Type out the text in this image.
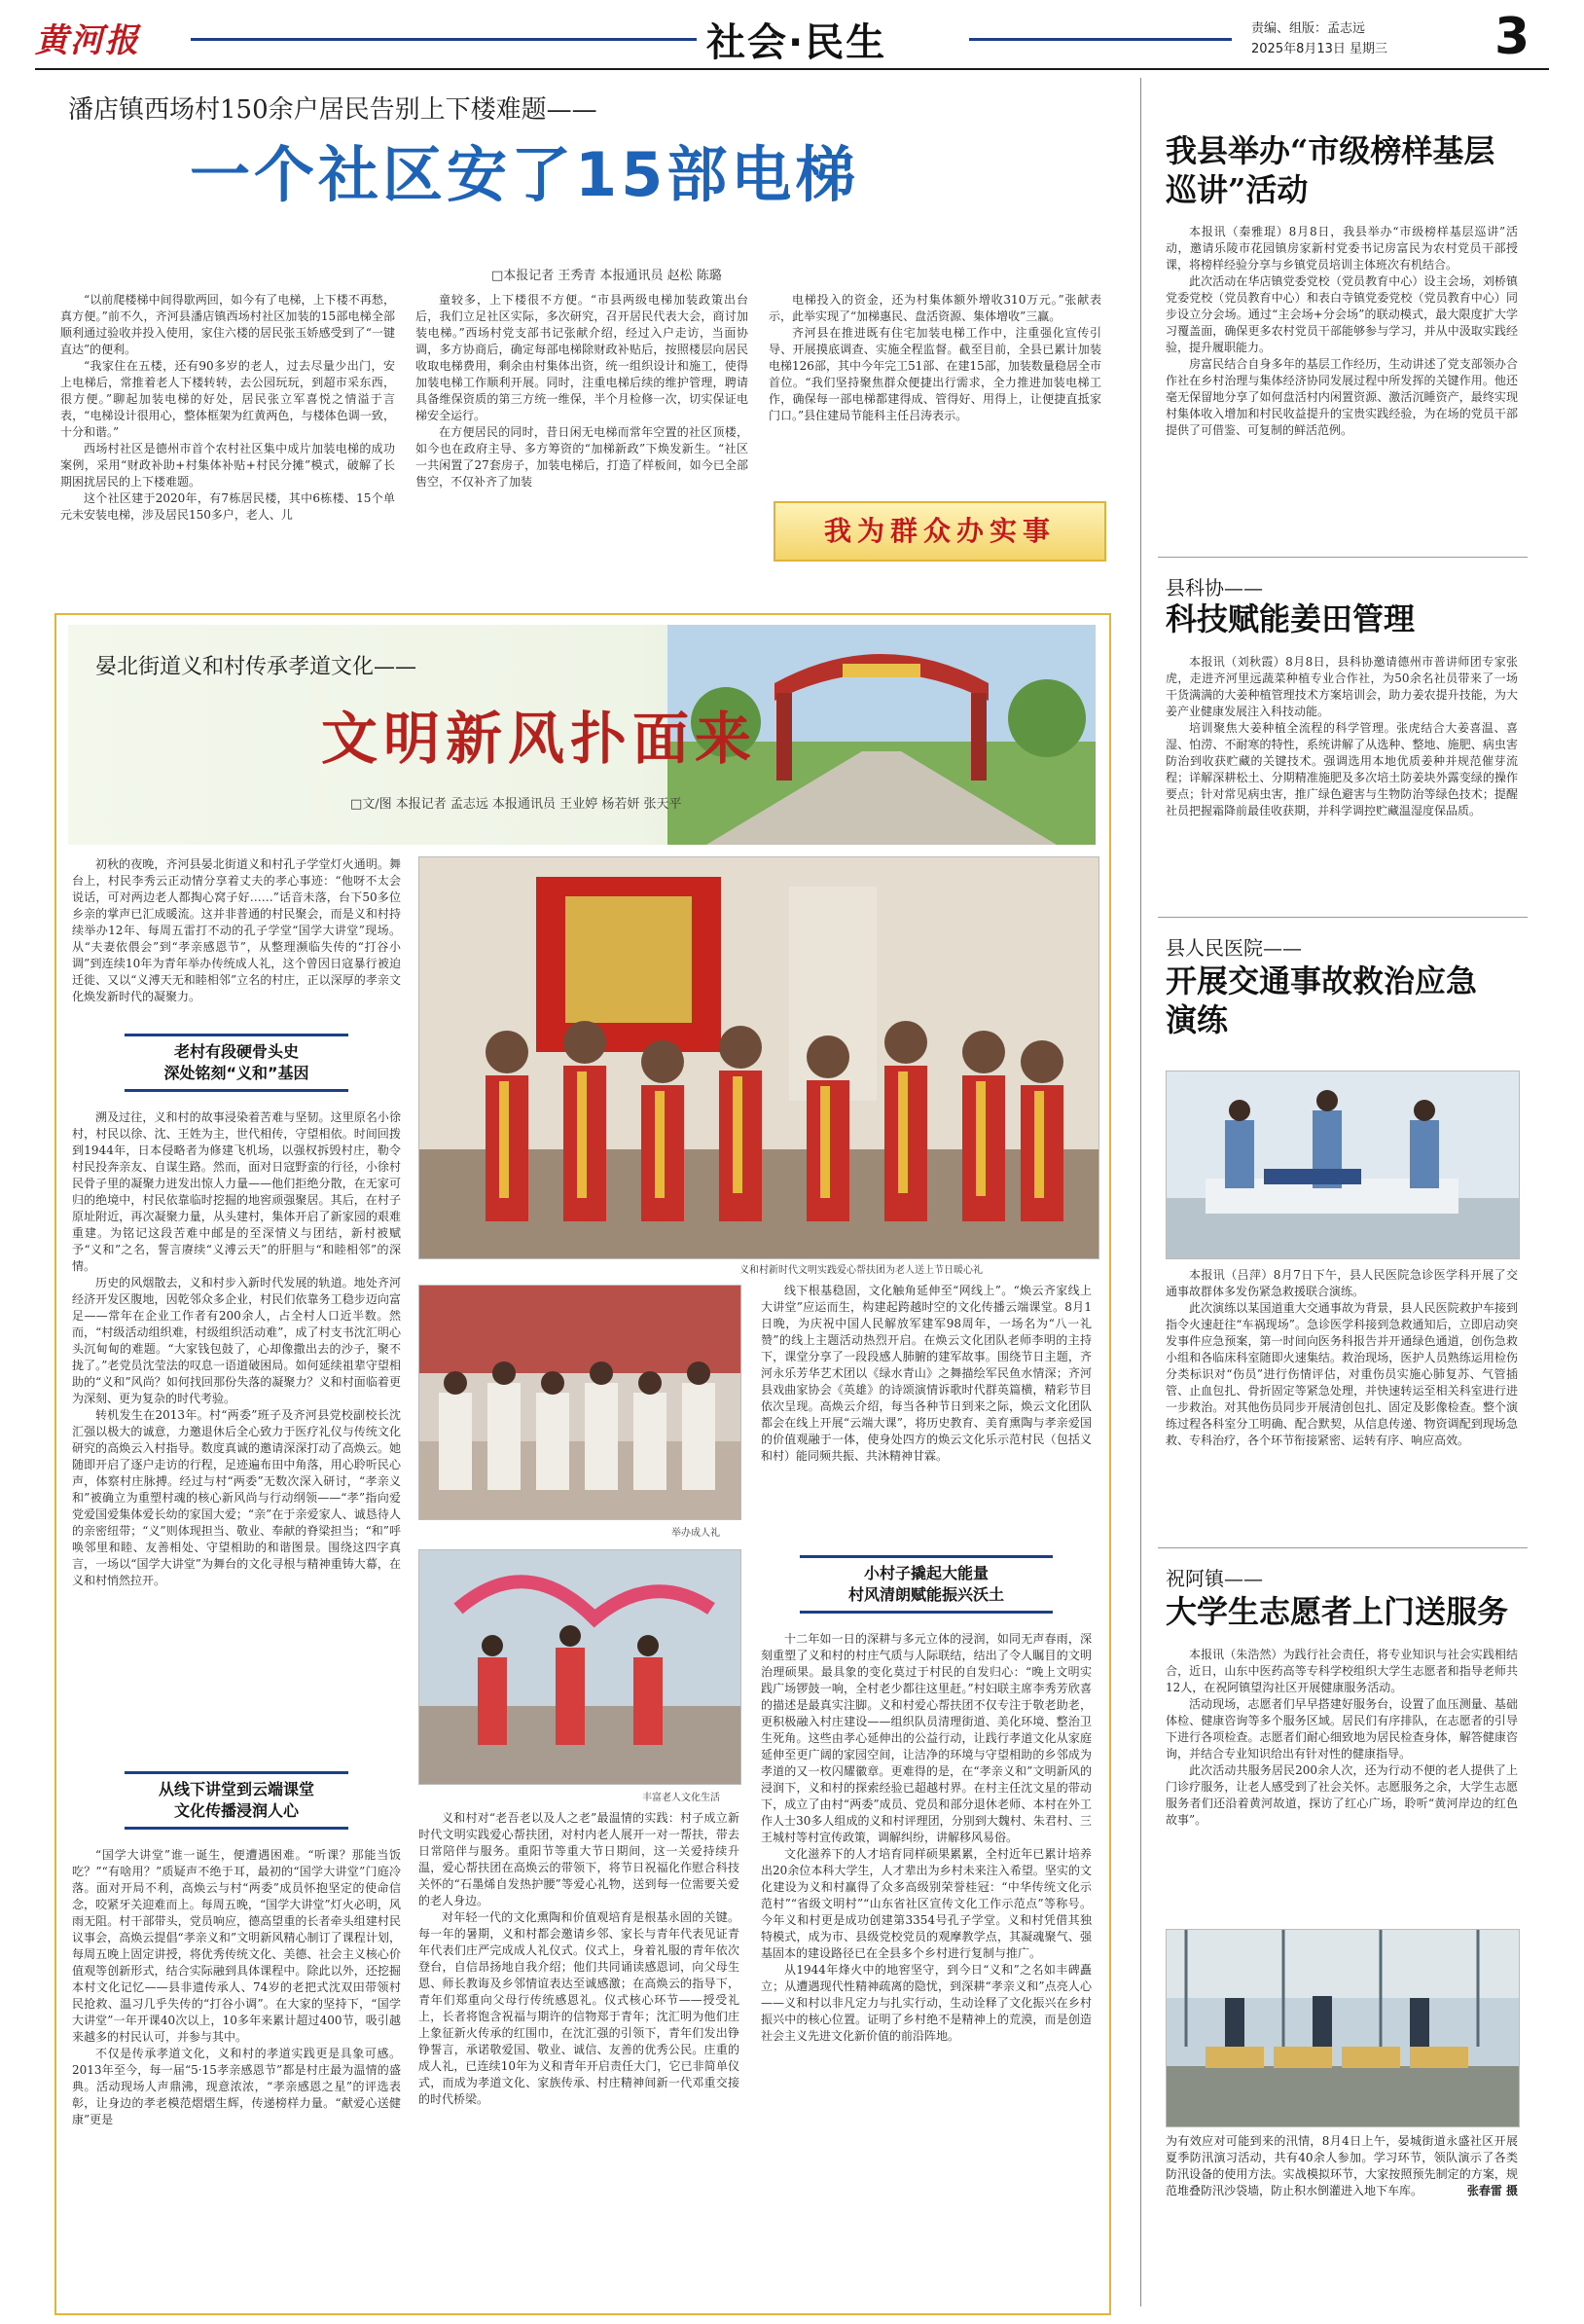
黄河报	社会·民生	责编、组版：孟志远
2025年8月13日 星期三 3
潘店镇西场村150余户居民告别上下楼难题——
一个社区安了15部电梯
□本报记者 王秀青 本报通讯员 赵松 陈璐

“以前爬楼梯中间得歇两回，如今有了电梯，上下楼不再愁，真方便。”前不久，齐河县潘店镇西场村社区加装的15部电梯全部顺利通过验收并投入使用，家住六楼的居民张玉娇感受到了“一键直达”的便利。

“我家住在五楼，还有90多岁的老人，过去尽量少出门，安上电梯后，常推着老人下楼转转，去公园玩玩，到超市采东西，很方便。”聊起加装电梯的好处，居民张立军喜悦之情溢于言表，“电梯设计很用心，整体框架为红黄两色，与楼体色调一致，十分和谐。”

西场村社区是德州市首个农村社区集中成片加装电梯的成功案例，采用“财政补助+村集体补贴+村民分摊”模式，破解了长期困扰居民的上下楼难题。

这个社区建于2020年，有7栋居民楼，其中6栋楼、15个单元未安装电梯，涉及居民150多户，老人、儿

童较多，上下楼很不方便。“市县两级电梯加装政策出台后，我们立足社区实际，多次研究，召开居民代表大会，商讨加装电梯。”西场村党支部书记张献介绍，经过入户走访，当面协调，多方协商后，确定每部电梯除财政补贴后，按照楼层向居民收取电梯费用，剩余由村集体出资，统一组织设计和施工，使得加装电梯工作顺利开展。同时，注重电梯后续的维护管理，聘请具备维保资质的第三方统一维保，半个月检修一次，切实保证电梯安全运行。

在方便居民的同时，昔日闲无电梯而常年空置的社区顶楼，如今也在政府主导、多方筹资的“加梯新政”下焕发新生。“社区一共闲置了27套房子，加装电梯后，打造了样板间，如今已全部售空，不仅补齐了加装

电梯投入的资金，还为村集体额外增收310万元。”张献表示，此举实现了“加梯惠民、盘活资源、集体增收”三赢。

齐河县在推进既有住宅加装电梯工作中，注重强化宣传引导、开展摸底调查、实施全程监督。截至目前，全县已累计加装电梯126部，其中今年完工51部、在建15部，加装数量稳居全市首位。“我们坚持聚焦群众便捷出行需求，全力推进加装电梯工作，确保每一部电梯都建得成、管得好、用得上，让便捷直抵家门口。”县住建局节能科主任吕涛表示。

我为群众办实事
晏北街道义和村传承孝道文化——
文明新风扑面来
□文/图 本报记者 孟志远 本报通讯员 王业婷 杨若妍 张天平

初秋的夜晚，齐河县晏北街道义和村孔子学堂灯火通明。舞台上，村民李秀云正动情分享着丈夫的孝心事迹：“他呀不太会说话，可对两边老人都掏心窝子好……”话音未落，台下50多位乡亲的掌声已汇成暖流。这并非普通的村民聚会，而是义和村持续举办12年、每周五雷打不动的孔子学堂“国学大讲堂”现场。从“夫妻依偎会”到“孝亲感恩节”，从整理濒临失传的“打谷小调”到连续10年为青年举办传统成人礼，这个曾因日寇暴行被迫迁徙、又以“义溥天无和睦相邻”立名的村庄，正以深厚的孝亲文化焕发新时代的凝聚力。

老村有段硬骨头史
深处铭刻“义和”基因

溯及过往，义和村的故事浸染着苦难与坚韧。这里原名小徐村，村民以徐、沈、王姓为主，世代相传，守望相依。时间回拨到1944年，日本侵略者为修建飞机场，以强权拆毁村庄，勒令村民投奔亲友、自谋生路。然而，面对日寇野蛮的行径，小徐村民骨子里的凝聚力迸发出惊人力量——他们拒绝分散，在无家可归的绝境中，村民依靠临时挖掘的地窖顽强聚居。其后，在村子原址附近，再次凝聚力量，从头建村，集体开启了新家园的艰难重建。为铭记这段苦难中邮是的至深情义与团结，新村被赋予“义和”之名，誓言赓续“义溥云天”的肝胆与“和睦相邻”的深情。

历史的风烟散去，义和村步入新时代发展的轨道。地处齐河经济开发区腹地，因乾邻众多企业，村民们依靠务工稳步迈向富足——常年在企业工作者有200余人，占全村人口近半数。然而，“村级活动组织难，村级组织活动难”，成了村支书沈汇明心头沉甸甸的难题。“大家钱包鼓了，心却像撒出去的沙子，聚不拢了。”老党员沈莹法的叹息一语道破困局。如何延续祖辈守望相助的“义和”风尚？如何找回那份失落的凝聚力？义和村面临着更为深刻、更为复杂的时代考验。

转机发生在2013年。村“两委”班子及齐河县党校副校长沈汇强以极大的诚意，力邀退休后全心致力于医疗礼仪与传统文化研究的高焕云入村指导。数度真诚的邀请深深打动了高焕云。她随即开启了逐户走访的行程，足迹遍布田中角落，用心聆听民心声，体察村庄脉搏。经过与村“两委”无数次深入研讨，“孝亲义和”被确立为重塑村魂的核心新风尚与行动纲领——“孝”指向爱党爱国爱集体爱长幼的家国大爱；“亲”在于亲爱家人、诚恳待人的亲密纽带；“义”则体现担当、敬业、奉献的脊梁担当；“和”呼唤邻里和睦、友善相处、守望相助的和谐图景。围绕这四字真言，一场以“国学大讲堂”为舞台的文化寻根与精神重铸大幕，在义和村悄然拉开。

从线下讲堂到云端课堂
文化传播浸润人心

“国学大讲堂”谁一诞生，便遭遇困难。“听课？那能当饭吃？”“有啥用？”质疑声不绝于耳，最初的“国学大讲堂”门庭冷落。面对开局不利，高焕云与村“两委”成员怀抱坚定的使命信念，咬紧牙关迎难而上。每周五晚，“国学大讲堂”灯火必明，风雨无阻。村干部带头，党员响应，德高望重的长者牵头组建村民议事会，高焕云提倡“孝亲义和”文明新风精心制订了课程计划，每周五晚上固定讲授，将优秀传统文化、美德、社会主义核心价值观等创新形式，结合实际融到具体课程中。除此以外，还挖掘本村文化记忆——县非遗传承人、74岁的老把式沈双田带领村民抢救、温习几乎失传的“打谷小调”。在大家的坚持下，“国学大讲堂”一年开课40次以上，10多年来累计超过400节，吸引越来越多的村民认可，并参与其中。

不仅是传承孝道文化，义和村的孝道实践更是具象可感。2013年至今，每一届“5·15孝亲感恩节”都是村庄最为温情的盛典。活动现场人声鼎沸，现意浓浓，“孝亲感恩之星”的评选表彰，让身边的孝老模范熠熠生辉，传递榜样力量。“献爱心送健康”更是

义和村新时代文明实践爱心帮扶团为老人送上节日暖心礼
举办成人礼
丰富老人文化生活

义和村对“老吾老以及人之老”最温情的实践：村子成立新时代文明实践爱心帮扶团，对村内老人展开一对一帮扶，带去日常陪伴与服务。重阳节等重大节日期间，这一关爱持续升温，爱心帮扶团在高焕云的带领下，将节日祝福化作慰合科技关怀的“石墨烯自发热护腰”等爱心礼物，送到每一位需要关爱的老人身边。

对年轻一代的文化熏陶和价值观培育是根基永固的关键。每一年的暑期，义和村都会邀请乡邻、家长与青年代表见证青年代表们庄严完成成人礼仪式。仪式上，身着礼服的青年依次登台，自信昂扬地自我介绍；他们共同诵读感恩词，向父母生恩、师长教诲及乡邻情谊表达至诚感激；在高焕云的指导下，青年们郑重向父母行传统感恩礼。仪式核心环节——授受礼上，长者将饱含祝福与期许的信物郑于青年；沈汇明为他们庄上象征新火传承的红围巾，在沈汇强的引领下，青年们发出铮铮誓言，承诺敬爱国、敬业、诚信、友善的优秀公民。庄重的成人礼，已连续10年为义和青年开启责任大门，它已非简单仪式，而成为孝道文化、家族传承、村庄精神间新一代邓重交接的时代桥梁。

线下根基稳固，文化触角延伸至“网线上”。“焕云齐家线上大讲堂”应运而生，构建起跨越时空的文化传播云端课堂。8月1日晚，为庆祝中国人民解放军建军98周年，一场名为“八一礼赞”的线上主题活动热烈开启。在焕云文化团队老师李明的主持下，课堂分享了一段段感人肺腑的建军故事。围绕节日主题，齐河永乐芳华艺术团以《绿水青山》之舞描绘军民鱼水情深；齐河县戏曲家协会《英雄》的诗颂演情诉歌时代群英篇横，精彩节目依次呈现。高焕云介绍，每当各种节日到来之际，焕云文化团队都会在线上开展“云端大课”，将历史教育、美育熏陶与孝亲爱国的价值观融于一体，使身处四方的焕云文化乐示范村民（包括义和村）能同频共振、共沐精神甘霖。

小村子撬起大能量
村风清朗赋能振兴沃土

十二年如一日的深耕与多元立体的浸润，如同无声春雨，深刻重塑了义和村的村庄气质与人际联结，结出了令人瞩目的文明治理硕果。最具象的变化莫过于村民的自发归心：“晚上文明实践广场锣鼓一响，全村老少都往这里赶。”村妇联主席李秀芳欣喜的描述是最真实注脚。义和村爱心帮扶团不仅专注于敬老助老，更积极融入村庄建设——组织队员清理街道、美化环境、整治卫生死角。这些由孝心延伸出的公益行动，让践行孝道文化从家庭延伸至更广阔的家园空间，让洁净的环境与守望相助的乡邻成为孝道的又一枚闪耀徽章。更难得的是，在“孝亲义和”文明新风的浸润下，义和村的探索经验已超越村界。在村主任沈文星的带动下，成立了由村“两委”成员、党员和部分退休老师、本村在外工作人士30多人组成的义和村评理团，分别到大魏村、朱君村、三王城村等村宣传政策，调解纠纷，讲解移风易俗。

文化滋养下的人才培育同样硕果累累，全村近年已累计培养出20余位本科大学生，人才辈出为乡村未来注入希望。坚实的文化建设为义和村赢得了众多高级别荣誉桂冠：“中华传统文化示范村”“省级文明村”“山东省社区宣传文化工作示范点”等称号。今年义和村更是成功创建第3354号孔子学堂。义和村凭借其独特模式，成为市、县级党校党员的观摩教学点，其凝魂聚气、强基固本的建设路径已在全县多个乡村进行复制与推广。

从1944年烽火中的地窖坚守，到今日“义和”之名如丰碑矗立；从遭遇现代性精神疏离的隐忧，到深耕“孝亲义和”点亮人心——义和村以非凡定力与扎实行动，生动诠释了文化振兴在乡村振兴中的核心位置。证明了乡村绝不是精神上的荒漠，而是创造社会主义先进文化新价值的前沿阵地。

我县举办“市级榜样基层巡讲”活动

本报讯（秦雅琨）8月8日，我县举办“市级榜样基层巡讲”活动，邀请乐陵市花园镇房家新村党委书记房富民为农村党员干部授课，将榜样经验分享与乡镇党员培训主体班次有机结合。

此次活动在华店镇党委党校（党员教育中心）设主会场，刘桥镇党委党校（党员教育中心）和表白寺镇党委党校（党员教育中心）同步设立分会场。通过“主会场+分会场”的联动模式，最大限度扩大学习覆盖面，确保更多农村党员干部能够参与学习，并从中汲取实践经验，提升履职能力。

房富民结合自身多年的基层工作经历，生动讲述了党支部领办合作社在乡村治理与集体经济协同发展过程中所发挥的关键作用。他还毫无保留地分享了如何盘活村内闲置资源、激活沉睡资产，最终实现村集体收入增加和村民收益提升的宝贵实践经验，为在场的党员干部提供了可借鉴、可复制的鲜活范例。

县科协——
科技赋能姜田管理

本报讯（刘秋霞）8月8日，县科协邀请德州市普讲师团专家张虎，走进齐河里远蔬菜种植专业合作社，为50余名社员带来了一场干货满满的大姜种植管理技术方案培训会，助力姜农提升技能，为大姜产业健康发展注入科技动能。

培训聚焦大姜种植全流程的科学管理。张虎结合大姜喜温、喜湿、怕涝、不耐寒的特性，系统讲解了从选种、整地、施肥、病虫害防治到收获贮藏的关键技术。强调选用本地优质姜种并规范催芽流程；详解深耕松土、分期精准施肥及多次培土防姜块外露变绿的操作要点；针对常见病虫害，推广绿色避害与生物防治等绿色技术；提醒社员把握霜降前最佳收获期，并科学调控贮藏温湿度保品质。

县人民医院——
开展交通事故救治应急演练

本报讯（吕萍）8月7日下午，县人民医院急诊医学科开展了交通事故群体多发伤紧急救援联合演练。

此次演练以某国道重大交通事故为背景，县人民医院救护车接到指令火速赶往“车祸现场”。急诊医学科接到急救通知后，立即启动突发事件应急预案，第一时间向医务科报告并开通绿色通道，创伤急救小组和各临床科室随即火速集结。救治现场，医护人员熟练运用检伤分类标识对“伤员”进行伤情评估，对重伤员实施心肺复苏、气管插管、止血包扎、骨折固定等紧急处理，并快速转运至相关科室进行进一步救治。对其他伤员同步开展清创包扎、固定及影像检查。整个演练过程各科室分工明确、配合默契，从信息传递、物资调配到现场急救、专科治疗，各个环节衔接紧密、运转有序、响应高效。

祝阿镇——
大学生志愿者上门送服务

本报讯（朱浩然）为践行社会责任，将专业知识与社会实践相结合，近日，山东中医药高等专科学校组织大学生志愿者和指导老师共12人，在祝阿镇望沟社区开展健康服务活动。

活动现场，志愿者们早早搭建好服务台，设置了血压测量、基础体检、健康咨询等多个服务区域。居民们有序排队，在志愿者的引导下进行各项检查。志愿者们耐心细致地为居民检查身体，解答健康咨询，并结合专业知识给出有针对性的健康指导。

此次活动共服务居民200余人次，还为行动不便的老人提供了上门诊疗服务，让老人感受到了社会关怀。志愿服务之余，大学生志愿服务者们还沿着黄河故道，探访了红心广场，聆听“黄河岸边的红色故事”。

为有效应对可能到来的汛情，8月4日上午，晏城街道永盛社区开展夏季防汛演习活动，共有40余人参加。学习环节，领队演示了各类防汛设备的使用方法。实战模拟环节，大家按照预先制定的方案，规范堆叠防汛沙袋墙，防止积水倒灌进入地下车库。	张春雷 摄
